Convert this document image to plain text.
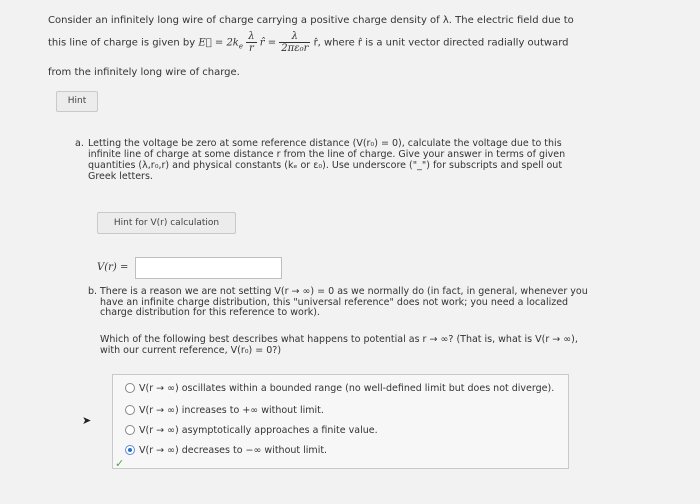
Consider an infinitely long wire of charge carrying a positive charge density of λ. The electric field due to
this line of charge is given by E⃗ = $2k_e \frac{\lambda}{r}$ r̂ = $\frac{\lambda}{\text{2πε₀r}}$ r̂, where r̂ is a unit vector directed radially outward
from the infinitely long wire of charge.
Hint
a. Letting the voltage be zero at some reference distance (V(r₀) = 0), calculate the voltage due to this infinite line of charge at some distance r from the line of charge. Give your answer in terms of given quantities (λ,r₀,r) and physical constants (kₑ or ε₀). Use underscore ("_") for subscripts and spell out Greek letters.
Hint for V(r) calculation
V(r) =
b. There is a reason we are not setting V(r → ∞) = 0 as we normally do (in fact, in general, whenever you have an infinite charge distribution, this "universal reference" does not work; you need a localized charge distribution for this reference to work).
Which of the following best describes what happens to potential as r → ∞? (That is, what is V(r → ∞), with our current reference, V(r₀) = 0?)
V(r → ∞) oscillates within a bounded range (no well-defined limit but does not diverge).
V(r → ∞) increases to +∞ without limit.
V(r → ∞) asymptotically approaches a finite value.
V(r → ∞) decreases to −∞ without limit.
✓
➤
